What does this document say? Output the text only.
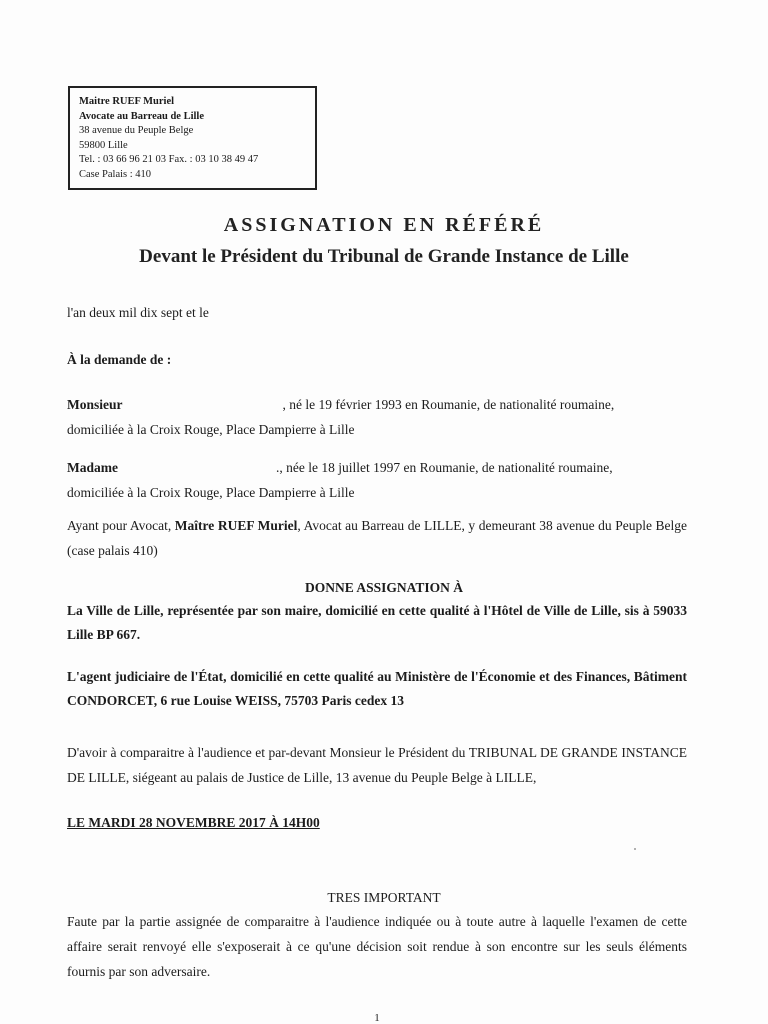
Maitre RUEF Muriel
Avocate au Barreau de Lille
38 avenue du Peuple Belge
59800 Lille
Tel. : 03 66 96 21 03 Fax. : 03 10 38 49 47
Case Palais : 410
ASSIGNATION EN RÉFÉRÉ
Devant le Président du Tribunal de Grande Instance de Lille
l'an deux mil dix sept et le
À la demande de :
Monsieur	, né le 19 février 1993 en Roumanie, de nationalité roumaine,
domiciliée à la Croix Rouge, Place Dampierre à Lille
Madame	., née le 18 juillet 1997 en Roumanie, de nationalité roumaine,
domiciliée à la Croix Rouge, Place Dampierre à Lille
Ayant pour Avocat, Maître RUEF Muriel, Avocat au Barreau de LILLE, y demeurant 38 avenue du Peuple Belge (case palais 410)
DONNE ASSIGNATION À
La Ville de Lille, représentée par son maire, domicilié en cette qualité à l'Hôtel de Ville de Lille, sis à 59033 Lille BP 667.
L'agent judiciaire de l'État, domicilié en cette qualité au Ministère de l'Économie et des Finances, Bâtiment CONDORCET, 6 rue Louise WEISS, 75703 Paris cedex 13
D'avoir à comparaitre à l'audience et par-devant Monsieur le Président du TRIBUNAL DE GRANDE INSTANCE DE LILLE, siégeant au palais de Justice de Lille, 13 avenue du Peuple Belge à LILLE,
LE MARDI 28 NOVEMBRE 2017 À 14H00
TRES IMPORTANT
Faute par la partie assignée de comparaitre à l'audience indiquée ou à toute autre à laquelle l'examen de cette affaire serait renvoyé elle s'exposerait à ce qu'une décision soit rendue à son encontre sur les seuls éléments fournis par son adversaire.
1
